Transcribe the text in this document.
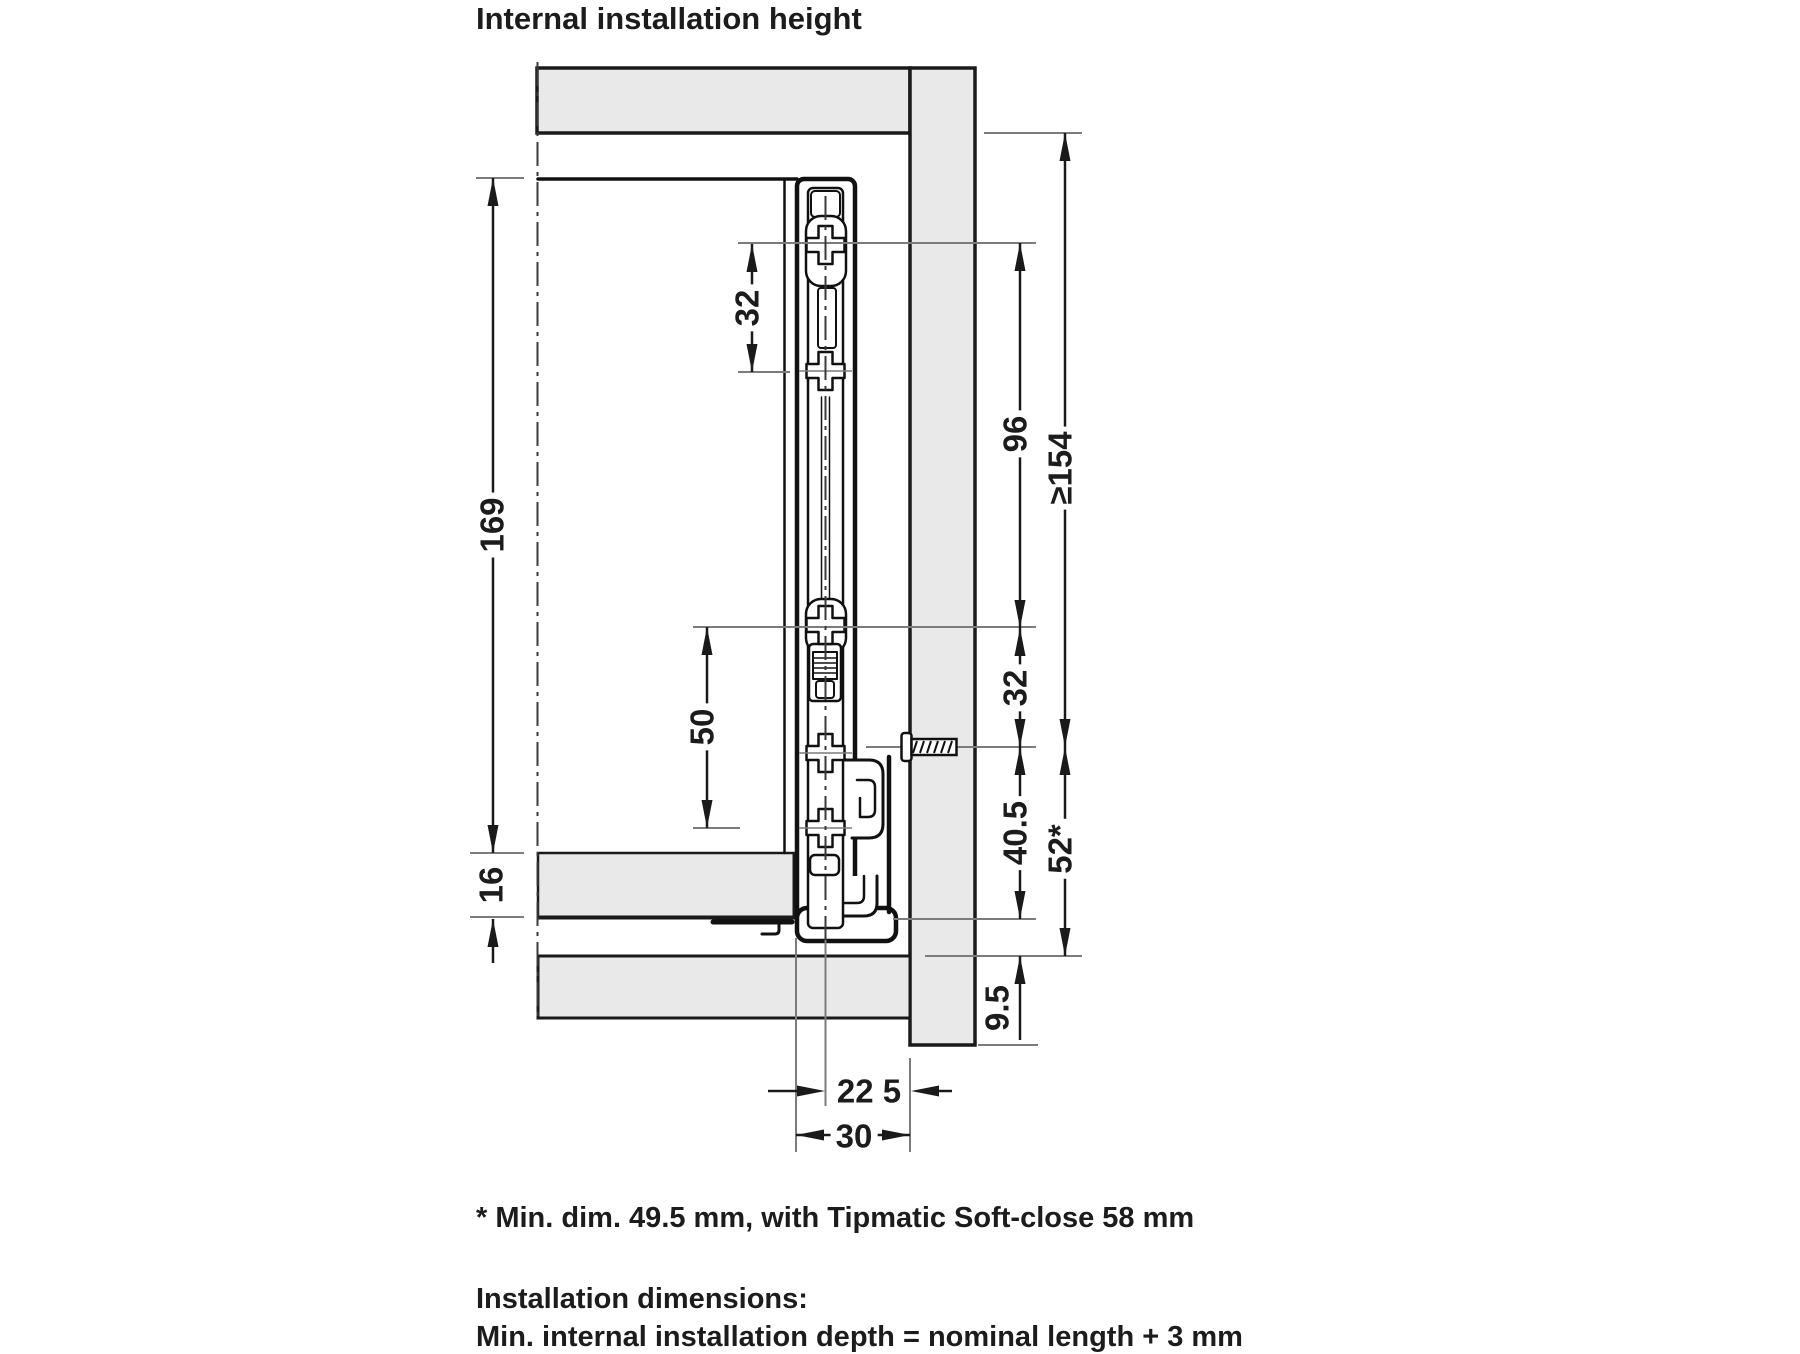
Internal installation height
169
16
32
50
96 ≥154
32
40.5 52*
9.5
22 5
30
* Min. dim. 49.5 mm, with Tipmatic Soft-close 58 mm
Installation dimensions:
Min. internal installation depth = nominal length + 3 mm
